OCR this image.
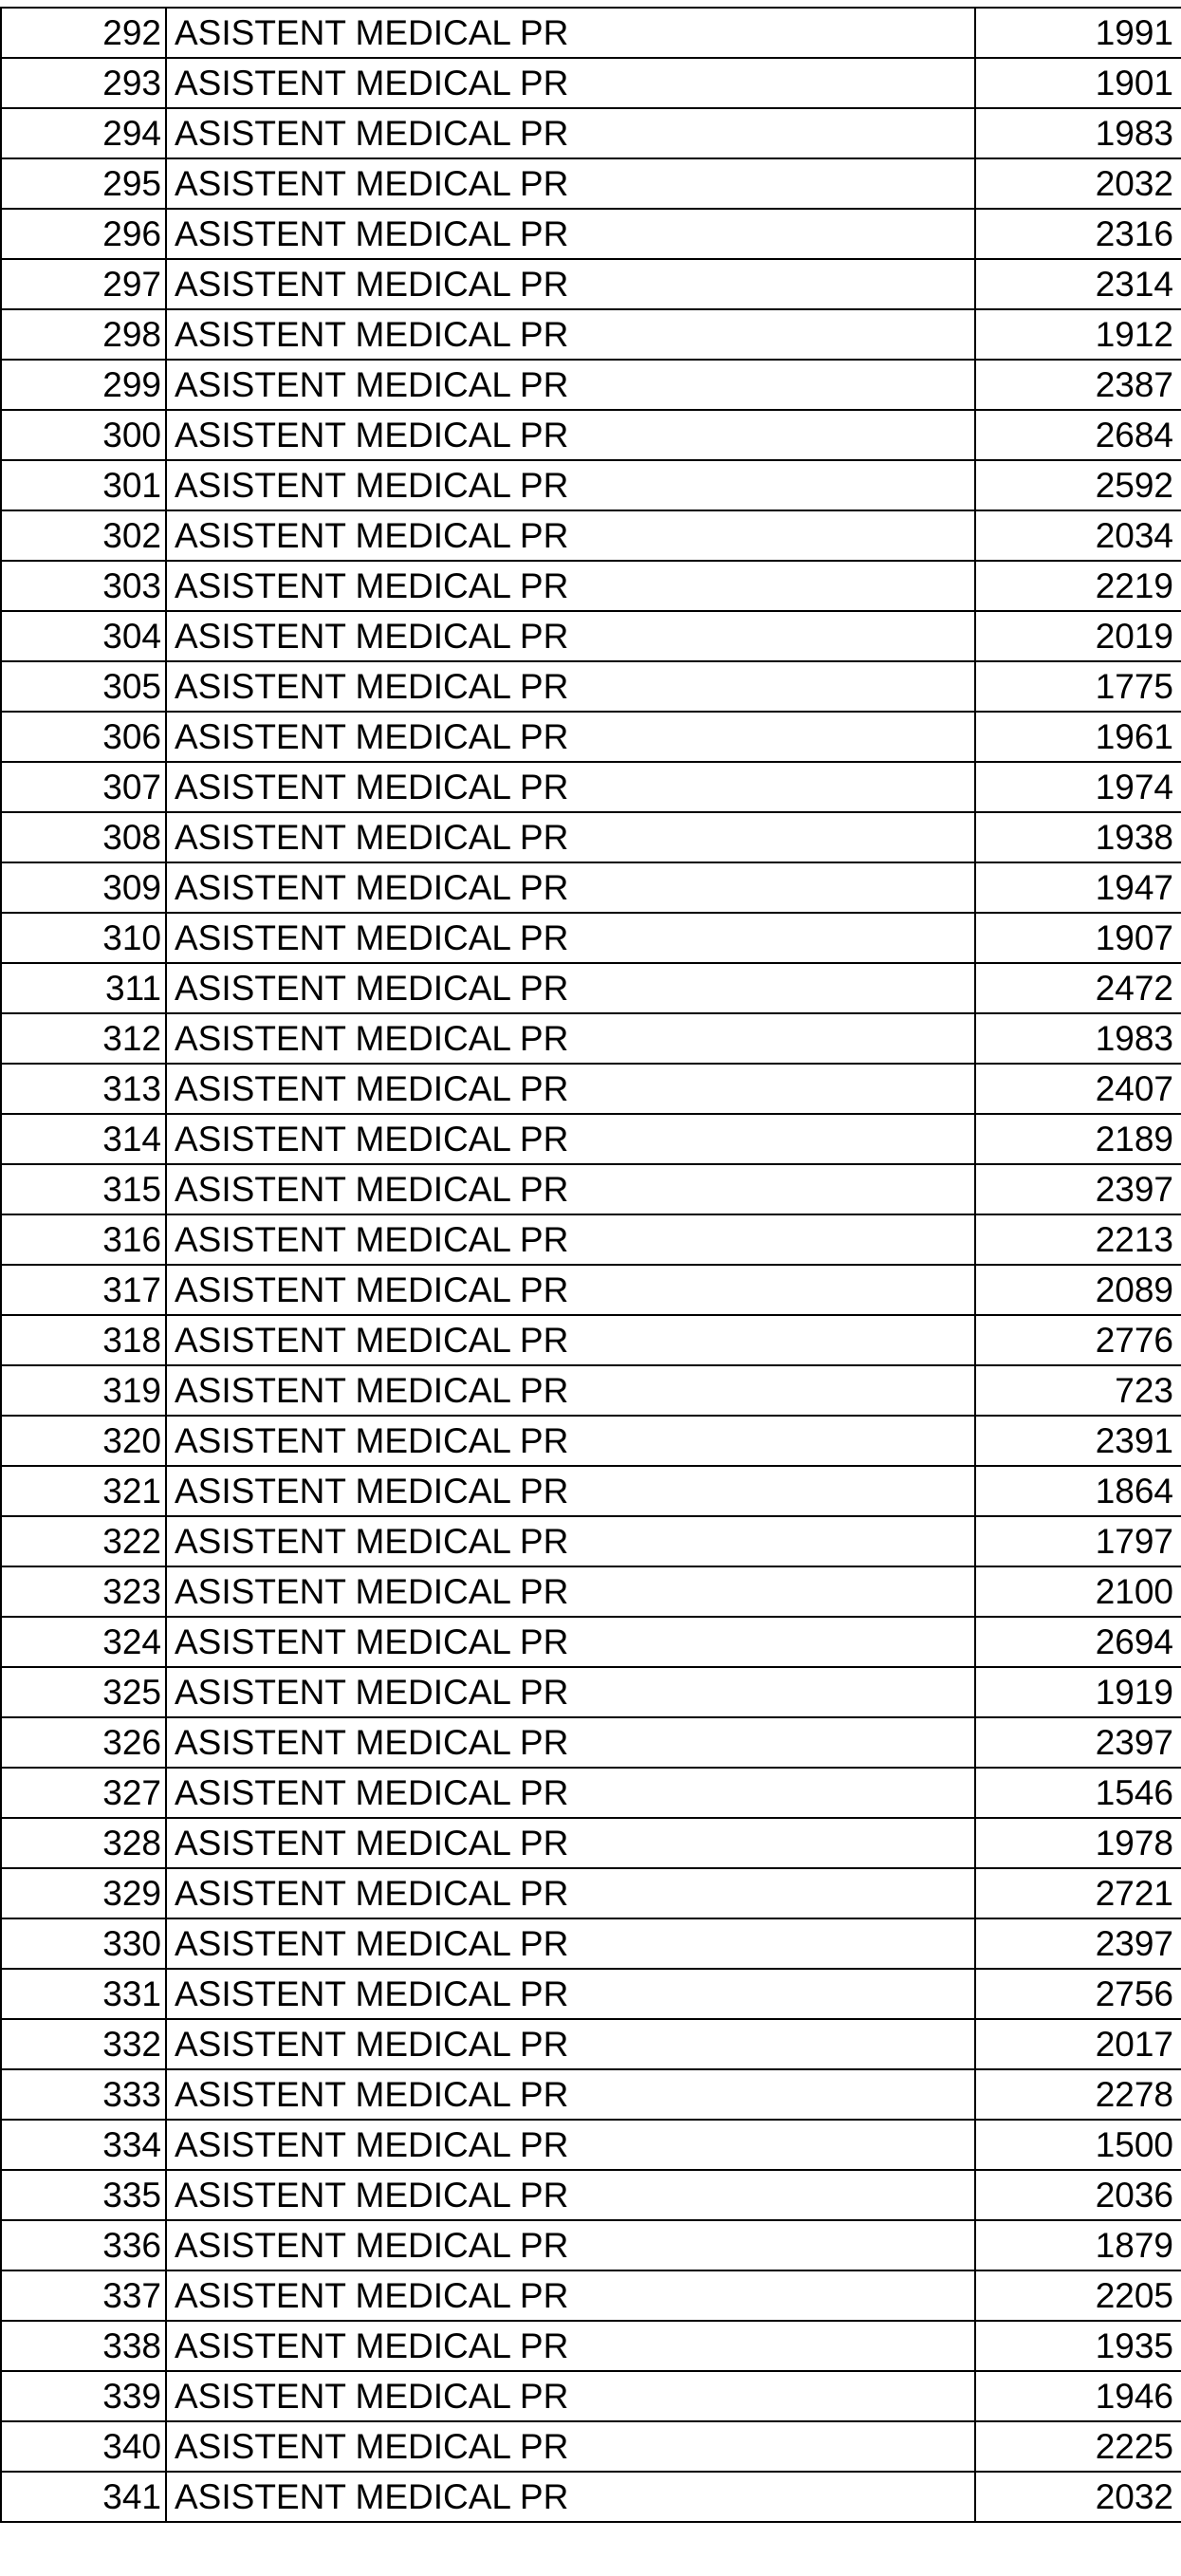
292	ASISTENT MEDICAL PR	1991
293	ASISTENT MEDICAL PR	1901
294	ASISTENT MEDICAL PR	1983
295	ASISTENT MEDICAL PR	2032
296	ASISTENT MEDICAL PR	2316
297	ASISTENT MEDICAL PR	2314
298	ASISTENT MEDICAL PR	1912
299	ASISTENT MEDICAL PR	2387
300	ASISTENT MEDICAL PR	2684
301	ASISTENT MEDICAL PR	2592
302	ASISTENT MEDICAL PR	2034
303	ASISTENT MEDICAL PR	2219
304	ASISTENT MEDICAL PR	2019
305	ASISTENT MEDICAL PR	1775
306	ASISTENT MEDICAL PR	1961
307	ASISTENT MEDICAL PR	1974
308	ASISTENT MEDICAL PR	1938
309	ASISTENT MEDICAL PR	1947
310	ASISTENT MEDICAL PR	1907
311	ASISTENT MEDICAL PR	2472
312	ASISTENT MEDICAL PR	1983
313	ASISTENT MEDICAL PR	2407
314	ASISTENT MEDICAL PR	2189
315	ASISTENT MEDICAL PR	2397
316	ASISTENT MEDICAL PR	2213
317	ASISTENT MEDICAL PR	2089
318	ASISTENT MEDICAL PR	2776
319	ASISTENT MEDICAL PR	723
320	ASISTENT MEDICAL PR	2391
321	ASISTENT MEDICAL PR	1864
322	ASISTENT MEDICAL PR	1797
323	ASISTENT MEDICAL PR	2100
324	ASISTENT MEDICAL PR	2694
325	ASISTENT MEDICAL PR	1919
326	ASISTENT MEDICAL PR	2397
327	ASISTENT MEDICAL PR	1546
328	ASISTENT MEDICAL PR	1978
329	ASISTENT MEDICAL PR	2721
330	ASISTENT MEDICAL PR	2397
331	ASISTENT MEDICAL PR	2756
332	ASISTENT MEDICAL PR	2017
333	ASISTENT MEDICAL PR	2278
334	ASISTENT MEDICAL PR	1500
335	ASISTENT MEDICAL PR	2036
336	ASISTENT MEDICAL PR	1879
337	ASISTENT MEDICAL PR	2205
338	ASISTENT MEDICAL PR	1935
339	ASISTENT MEDICAL PR	1946
340	ASISTENT MEDICAL PR	2225
341	ASISTENT MEDICAL PR	2032
